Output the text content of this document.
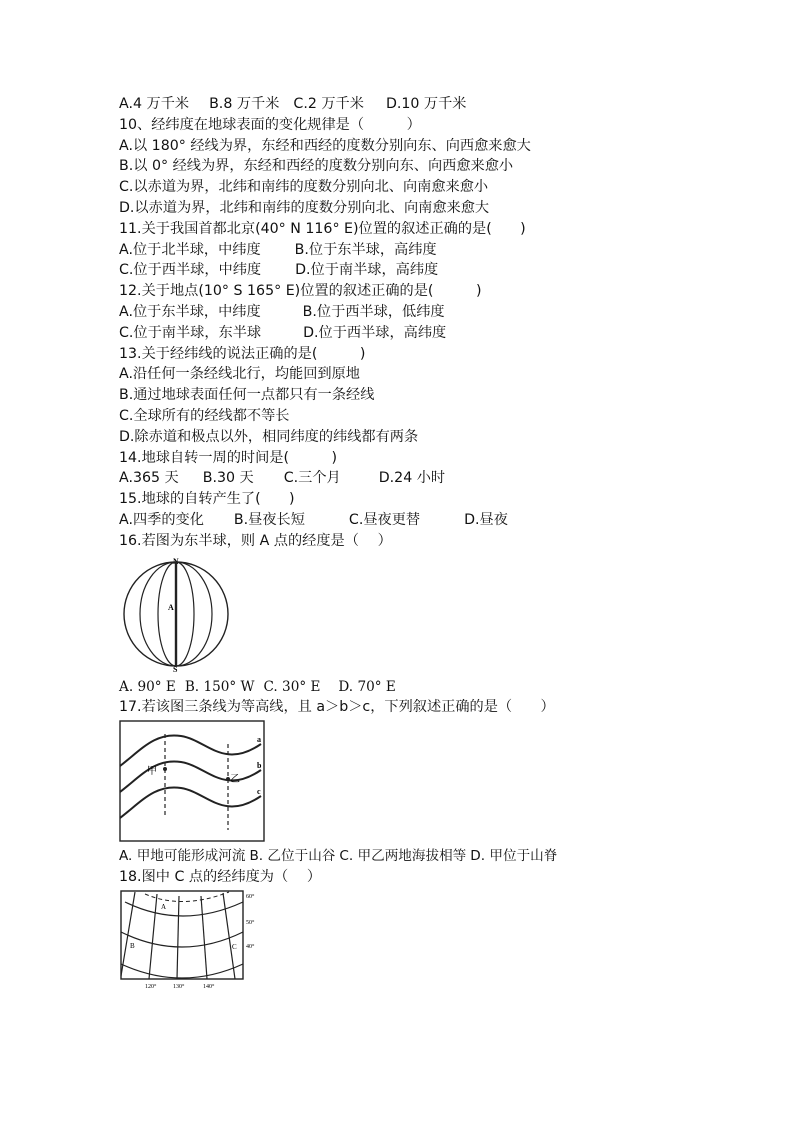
A.4 万千米 B.8 万千米 C.2 万千米 D.10 万千米
10、经纬度在地球表面的变化规律是（　　　）
A.以 180° 经线为界，东经和西经的度数分别向东、向西愈来愈大
B.以 0° 经线为界，东经和西经的度数分别向东、向西愈来愈小
C.以赤道为界，北纬和南纬的度数分别向北、向南愈来愈小
D.以赤道为界，北纬和南纬的度数分别向北、向南愈来愈大
11.关于我国首都北京(40° N 116° E)位置的叙述正确的是(　　)
A.位于北半球，中纬度 B.位于东半球，高纬度
C.位于西半球，中纬度 D.位于南半球，高纬度
12.关于地点(10° S 165° E)位置的叙述正确的是(　　　)
A.位于东半球，中纬度	B.位于西半球，低纬度
C.位于南半球，东半球	D.位于西半球，高纬度
13.关于经纬线的说法正确的是(　　　)
A.沿任何一条经线北行，均能回到原地
B.通过地球表面任何一点都只有一条经线
C.全球所有的经线都不等长
D.除赤道和极点以外，相同纬度的纬线都有两条
14.地球自转一周的时间是(　　　)
A.365 天 B.30 天 C.三个月	D.24 小时
15.地球的自转产生了(　　)
A.四季的变化 B.昼夜长短	C.昼夜更替	D.昼夜
16.若图为东半球，则 A 点的经度是（　 ）
N
A
S
A. 90° E B. 150° W C. 30° E D. 70° E
17.若该图三条线为等高线，且 a＞b＞c，下列叙述正确的是（　　）
甲
乙
a
b
c
A. 甲地可能形成河流 B. 乙位于山谷 C. 甲乙两地海拔相等 D. 甲位于山脊
18.图中 C 点的经纬度为（　 ）
A
B	C
60°
50°
40°
120°	130°	140°
